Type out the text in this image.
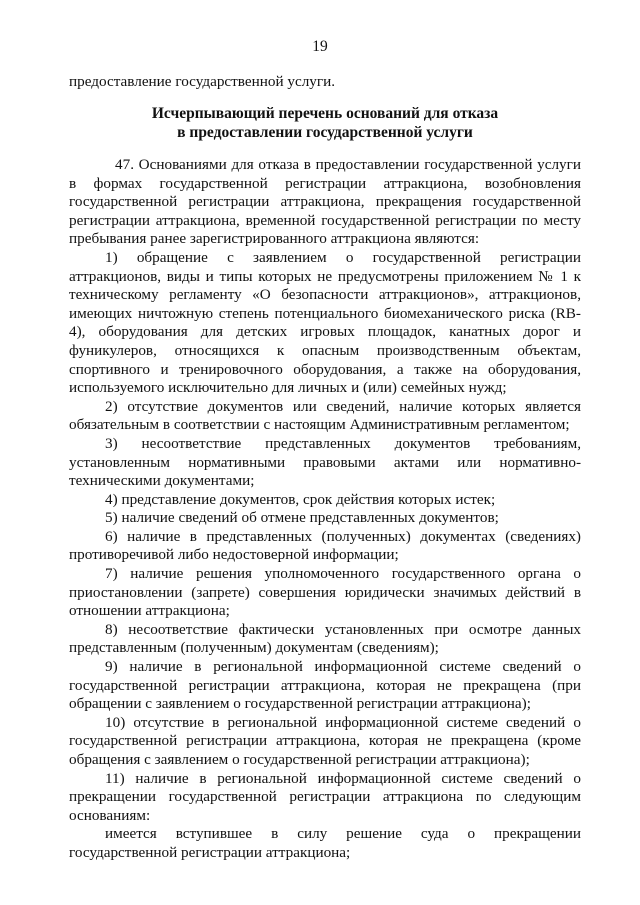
19

предоставление государственной услуги.

Исчерпывающий перечень оснований для отказа
в предоставлении государственной услуги

47. Основаниями для отказа в предоставлении государственной услуги в формах государственной регистрации аттракциона, возобновления государственной регистрации аттракциона, прекращения государственной регистрации аттракциона, временной государственной регистрации по месту пребывания ранее зарегистрированного аттракциона являются:

1) обращение с заявлением о государственной регистрации аттракционов, виды и типы которых не предусмотрены приложением № 1 к техническому регламенту «О безопасности аттракционов», аттракционов, имеющих ничтожную степень потенциального биомеханического риска (RB-4), оборудования для детских игровых площадок, канатных дорог и фуникулеров, относящихся к опасным производственным объектам, спортивного и тренировочного оборудования, а также на оборудования, используемого исключительно для личных и (или) семейных нужд;

2) отсутствие документов или сведений, наличие которых является обязательным в соответствии с настоящим Административным регламентом;

3) несоответствие представленных документов требованиям, установленным нормативными правовыми актами или нормативно-техническими документами;

4) представление документов, срок действия которых истек;

5) наличие сведений об отмене представленных документов;

6) наличие в представленных (полученных) документах (сведениях) противоречивой либо недостоверной информации;

7) наличие решения уполномоченного государственного органа о приостановлении (запрете) совершения юридически значимых действий в отношении аттракциона;

8) несоответствие фактически установленных при осмотре данных представленным (полученным) документам (сведениям);

9) наличие в региональной информационной системе сведений о государственной регистрации аттракциона, которая не прекращена (при обращении с заявлением о государственной регистрации аттракциона);

10) отсутствие в региональной информационной системе сведений о государственной регистрации аттракциона, которая не прекращена (кроме обращения с заявлением о государственной регистрации аттракциона);

11) наличие в региональной информационной системе сведений о прекращении государственной регистрации аттракциона по следующим основаниям:

имеется вступившее в силу решение суда о прекращении государственной регистрации аттракциона;
